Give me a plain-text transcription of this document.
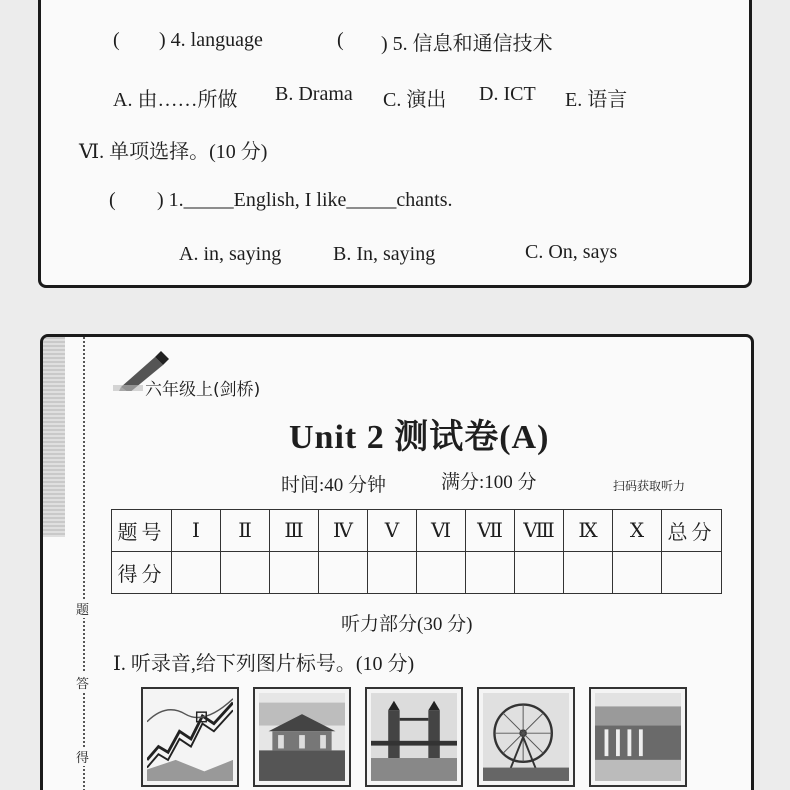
( ) 4. language	( ) 5. 信息和通信技术
A. 由……所做 B. Drama C. 演出 D. ICT E. 语言
Ⅵ. 单项选择。(10 分)
( ) 1._____English, I like_____chants.
A. in, saying	B. In, saying	C. On, says
题
答
得
六年级上(剑桥)
Unit 2 测试卷(A)
时间:40 分钟	满分:100 分	扫码获取听力
题号	Ⅰ	Ⅱ	Ⅲ	Ⅳ	Ⅴ	Ⅵ	Ⅶ	Ⅷ	Ⅸ	Ⅹ	总分
得分											
听力部分(30 分)
Ⅰ. 听录音,给下列图片标号。(10 分)
